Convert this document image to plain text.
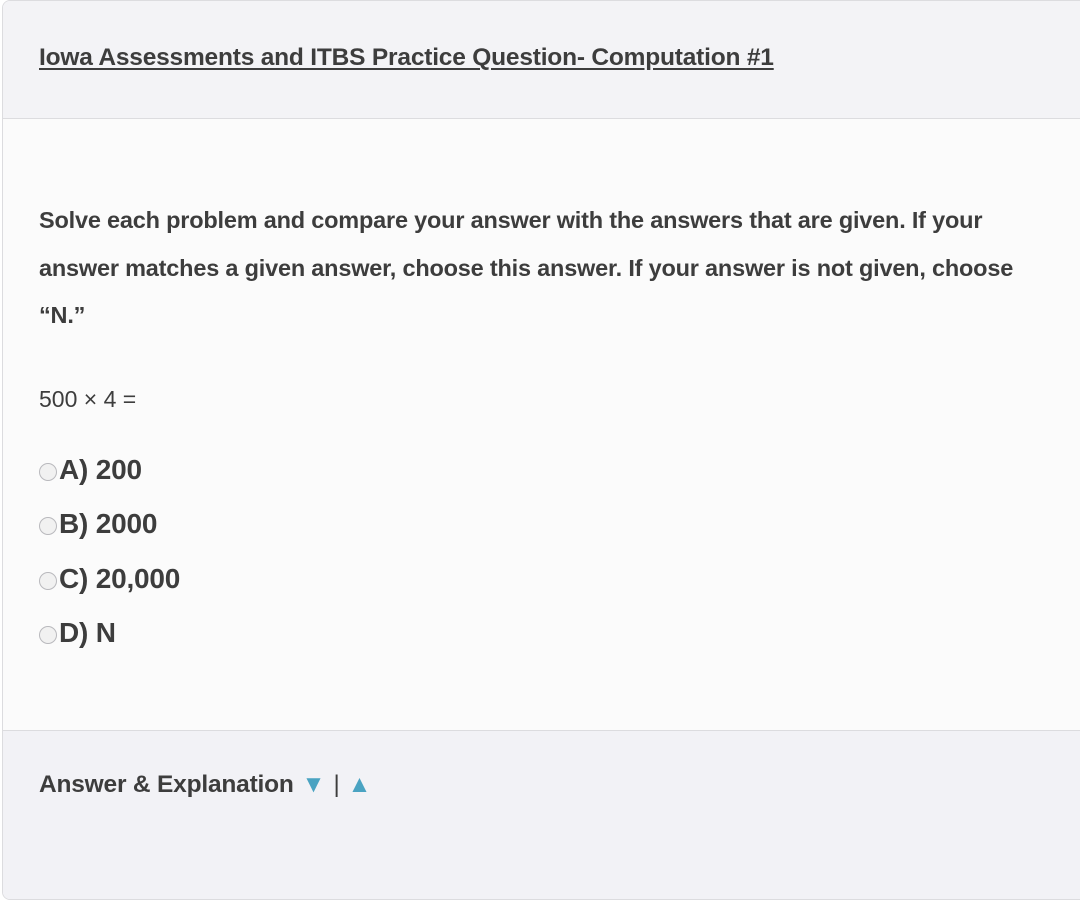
Iowa Assessments and ITBS Practice Question- Computation #1

Solve each problem and compare your answer with the answers that are given. If your answer matches a given answer, choose this answer. If your answer is not given, choose “N.”

500 × 4 =
A) 200
B) 2000
C) 20,000
D) N
Answer & Explanation ▼ | ▲
